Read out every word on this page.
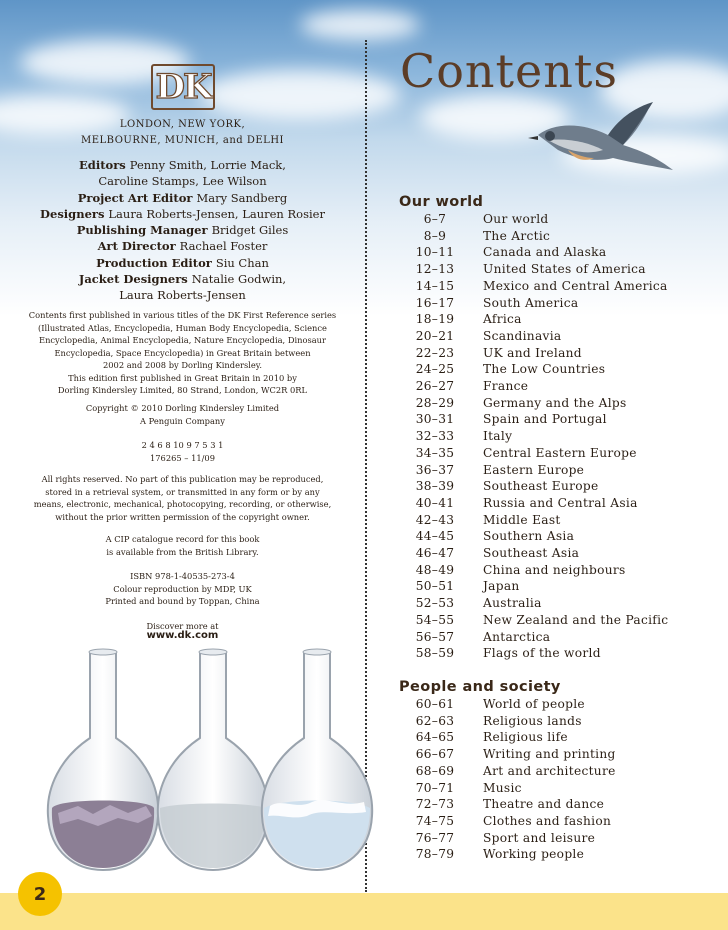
DK
LONDON, NEW YORK,
MELBOURNE, MUNICH, and DELHI
Editors Penny Smith, Lorrie Mack,
Caroline Stamps, Lee Wilson
Project Art Editor Mary Sandberg
Designers Laura Roberts-Jensen, Lauren Rosier
Publishing Manager Bridget Giles
Art Director Rachael Foster
Production Editor Siu Chan
Jacket Designers Natalie Godwin,
Laura Roberts-Jensen
Contents first published in various titles of the DK First Reference series
(Illustrated Atlas, Encyclopedia, Human Body Encyclopedia, Science
Encyclopedia, Animal Encyclopedia, Nature Encyclopedia, Dinosaur
Encyclopedia, Space Encyclopedia) in Great Britain between
2002 and 2008 by Dorling Kindersley.
This edition first published in Great Britain in 2010 by
Dorling Kindersley Limited, 80 Strand, London, WC2R 0RL
Copyright © 2010 Dorling Kindersley Limited
A Penguin Company
2 4 6 8 10 9 7 5 3 1
176265 – 11/09
All rights reserved. No part of this publication may be reproduced,
stored in a retrieval system, or transmitted in any form or by any
means, electronic, mechanical, photocopying, recording, or otherwise,
without the prior written permission of the copyright owner.
A CIP catalogue record for this book
is available from the British Library.
ISBN 978-1-40535-273-4
Colour reproduction by MDP, UK
Printed and bound by Toppan, China
Discover more at
www.dk.com
Contents
Our world
6–7	Our world
8–9	The Arctic
10–11	Canada and Alaska
12–13	United States of America
14–15	Mexico and Central America
16–17	South America
18–19	Africa
20–21	Scandinavia
22–23	UK and Ireland
24–25	The Low Countries
26–27	France
28–29	Germany and the Alps
30–31	Spain and Portugal
32–33	Italy
34–35	Central Eastern Europe
36–37	Eastern Europe
38–39	Southeast Europe
40–41	Russia and Central Asia
42–43	Middle East
44–45	Southern Asia
46–47	Southeast Asia
48–49	China and neighbours
50–51	Japan
52–53	Australia
54–55	New Zealand and the Pacific
56–57	Antarctica
58–59	Flags of the world
People and society
60–61	World of people
62–63	Religious lands
64–65	Religious life
66–67	Writing and printing
68–69	Art and architecture
70–71	Music
72–73	Theatre and dance
74–75	Clothes and fashion
76–77	Sport and leisure
78–79	Working people
2
